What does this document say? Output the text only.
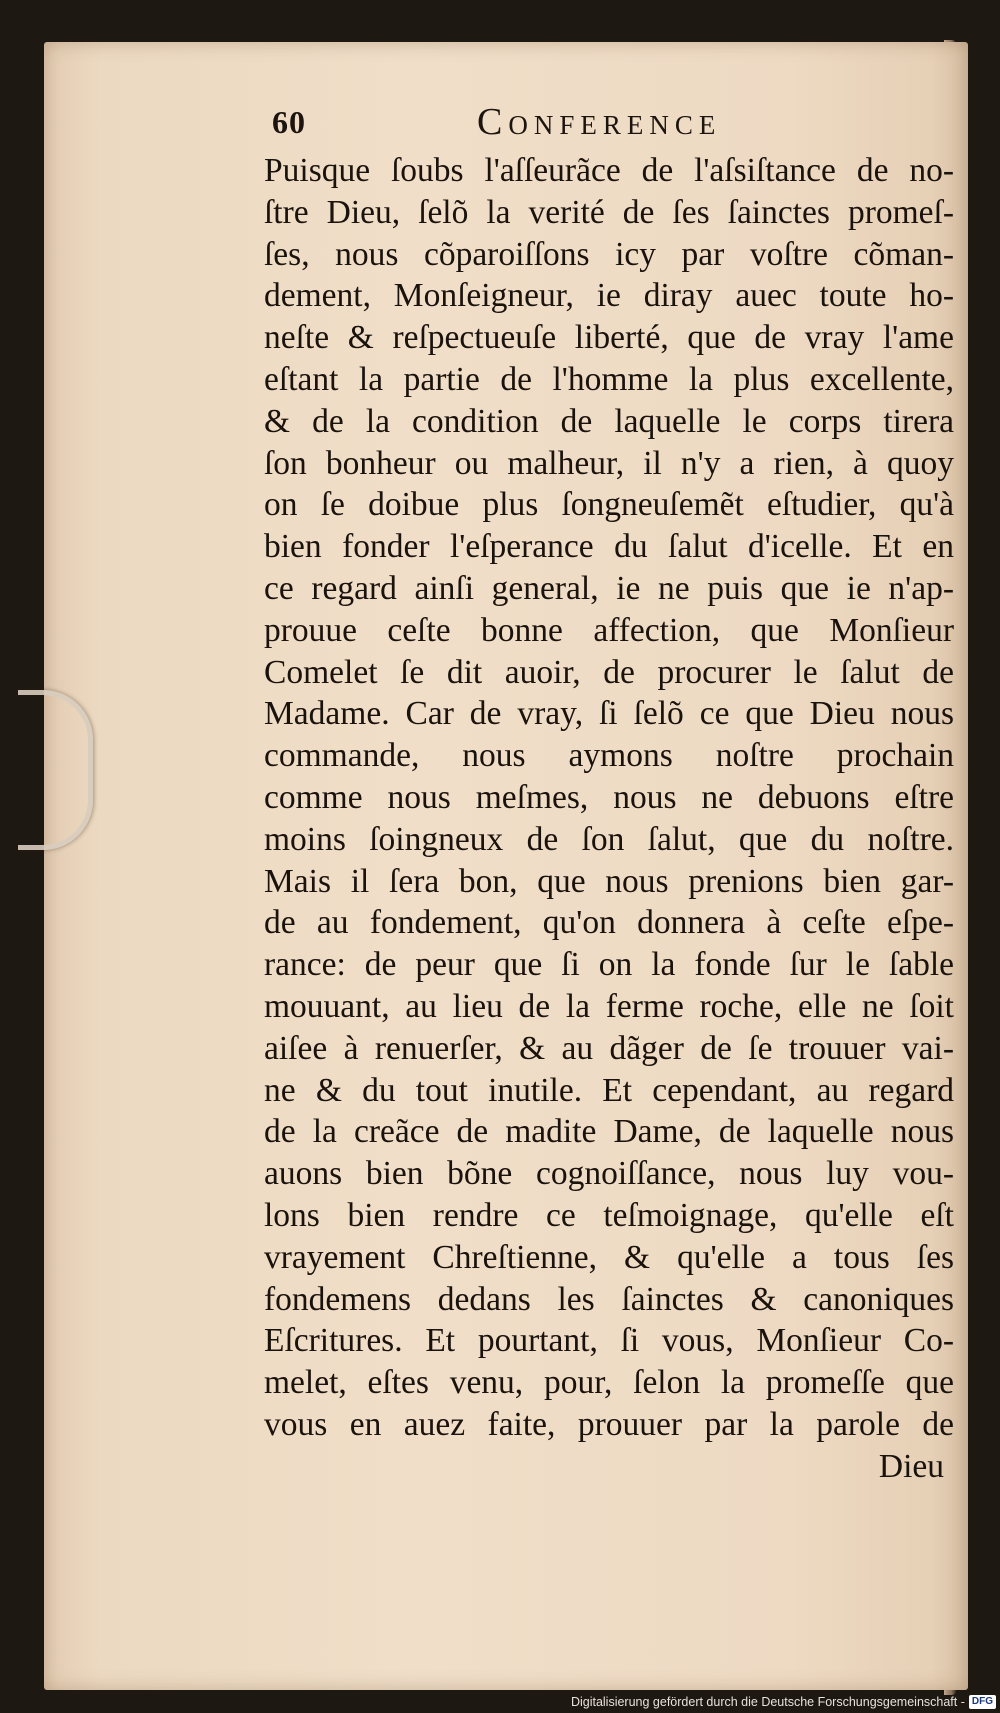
60	Conference
Puisque ſoubs l'aſſeurãce de l'aſsiſtance de no-
ſtre Dieu, ſelõ la verité de ſes ſainctes promeſ-
ſes, nous cõparoiſſons icy par voſtre cõman-
dement, Monſeigneur, ie diray auec toute ho-
neſte & reſpectueuſe liberté, que de vray l'ame
eſtant la partie de l'homme la plus excellente,
& de la condition de laquelle le corps tirera
ſon bonheur ou malheur, il n'y a rien, à quoy
on ſe doibue plus ſongneuſemẽt eſtudier, qu'à
bien fonder l'eſperance du ſalut d'icelle. Et en
ce regard ainſi general, ie ne puis que ie n'ap-
prouue ceſte bonne affection, que Monſieur
Comelet ſe dit auoir, de procurer le ſalut de
Madame. Car de vray, ſi ſelõ ce que Dieu nous
commande, nous aymons noſtre prochain
comme nous meſmes, nous ne debuons eſtre
moins ſoingneux de ſon ſalut, que du noſtre.
Mais il ſera bon, que nous prenions bien gar-
de au fondement, qu'on donnera à ceſte eſpe-
rance: de peur que ſi on la fonde ſur le ſable
mouuant, au lieu de la ferme roche, elle ne ſoit
aiſee à renuerſer, & au dãger de ſe trouuer vai-
ne & du tout inutile. Et cependant, au regard
de la creãce de madite Dame, de laquelle nous
auons bien bõne cognoiſſance, nous luy vou-
lons bien rendre ce teſmoignage, qu'elle eſt
vrayement Chreſtienne, & qu'elle a tous ſes
fondemens dedans les ſainctes & canoniques
Eſcritures. Et pourtant, ſi vous, Monſieur Co-
melet, eſtes venu, pour, ſelon la promeſſe que
vous en auez faite, prouuer par la parole de
Dieu
Digitalisierung gefördert durch die Deutsche Forschungsgemeinschaft - DFG
